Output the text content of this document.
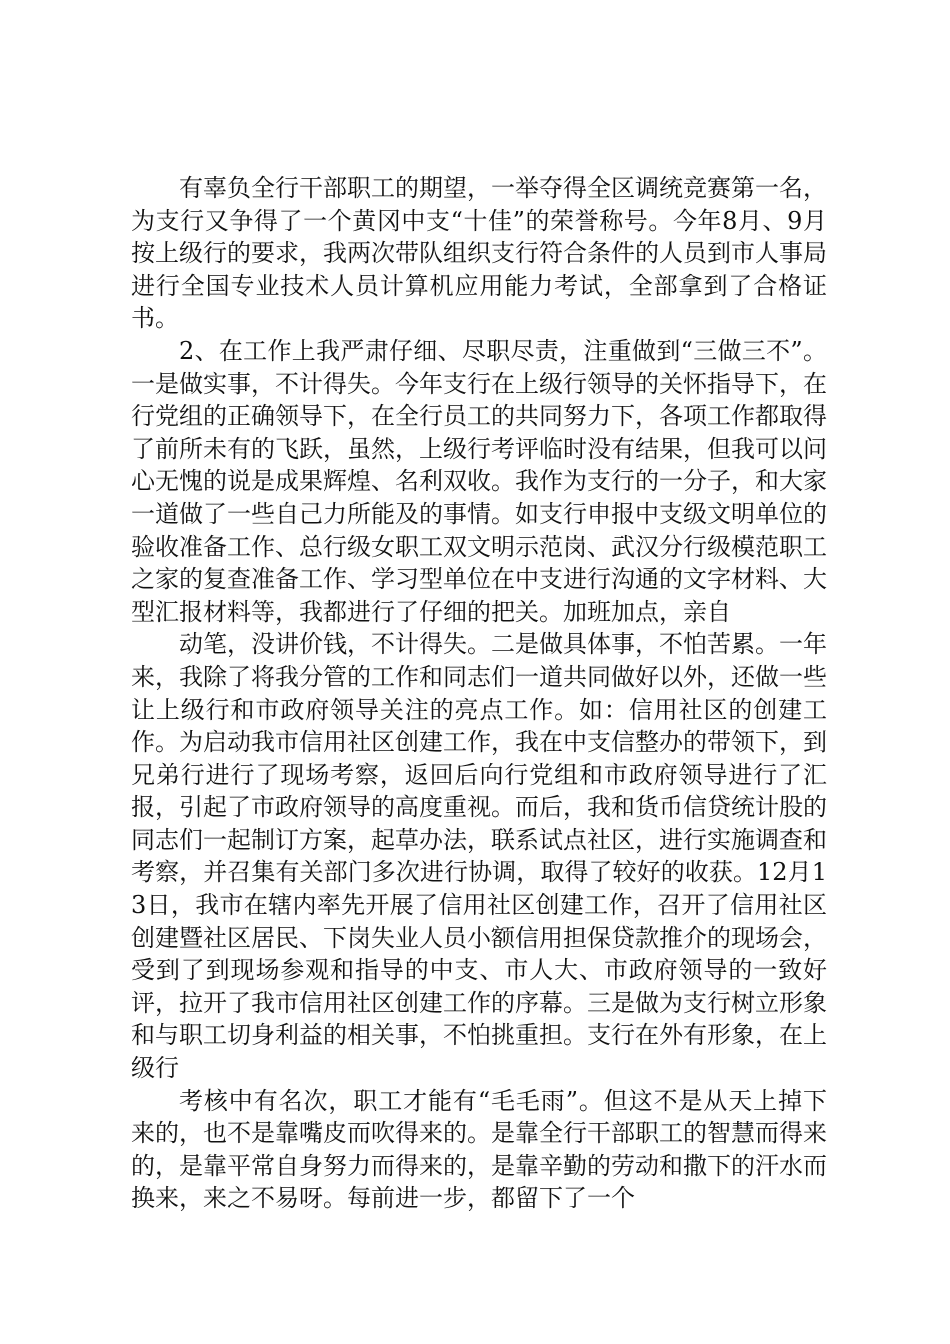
有辜负全行干部职工的期望，一举夺得全区调统竞赛第一名，为支行又争得了一个黄冈中支“十佳”的荣誉称号。今年8月、9月按上级行的要求，我两次带队组织支行符合条件的人员到市人事局进行全国专业技术人员计算机应用能力考试，全部拿到了合格证书。

2、在工作上我严肃仔细、尽职尽责，注重做到“三做三不”。一是做实事，不计得失。今年支行在上级行领导的关怀指导下，在行党组的正确领导下，在全行员工的共同努力下，各项工作都取得了前所未有的飞跃，虽然，上级行考评临时没有结果，但我可以问心无愧的说是成果辉煌、名利双收。我作为支行的一分子，和大家一道做了一些自己力所能及的事情。如支行申报中支级文明单位的验收准备工作、总行级女职工双文明示范岗、武汉分行级模范职工之家的复查准备工作、学习型单位在中支进行沟通的文字材料、大型汇报材料等，我都进行了仔细的把关。加班加点，亲自

动笔，没讲价钱，不计得失。二是做具体事，不怕苦累。一年来，我除了将我分管的工作和同志们一道共同做好以外，还做一些让上级行和市政府领导关注的亮点工作。如：信用社区的创建工作。为启动我市信用社区创建工作，我在中支信整办的带领下，到兄弟行进行了现场考察，返回后向行党组和市政府领导进行了汇报，引起了市政府领导的高度重视。而后，我和货币信贷统计股的同志们一起制订方案，起草办法，联系试点社区，进行实施调查和考察，并召集有关部门多次进行协调，取得了较好的收获。12月13日，我市在辖内率先开展了信用社区创建工作，召开了信用社区创建暨社区居民、下岗失业人员小额信用担保贷款推介的现场会，受到了到现场参观和指导的中支、市人大、市政府领导的一致好评，拉开了我市信用社区创建工作的序幕。三是做为支行树立形象和与职工切身利益的相关事，不怕挑重担。支行在外有形象，在上级行

考核中有名次，职工才能有“毛毛雨”。但这不是从天上掉下来的，也不是靠嘴皮而吹得来的。是靠全行干部职工的智慧而得来的，是靠平常自身努力而得来的，是靠辛勤的劳动和撒下的汗水而换来，来之不易呀。每前进一步，都留下了一个
